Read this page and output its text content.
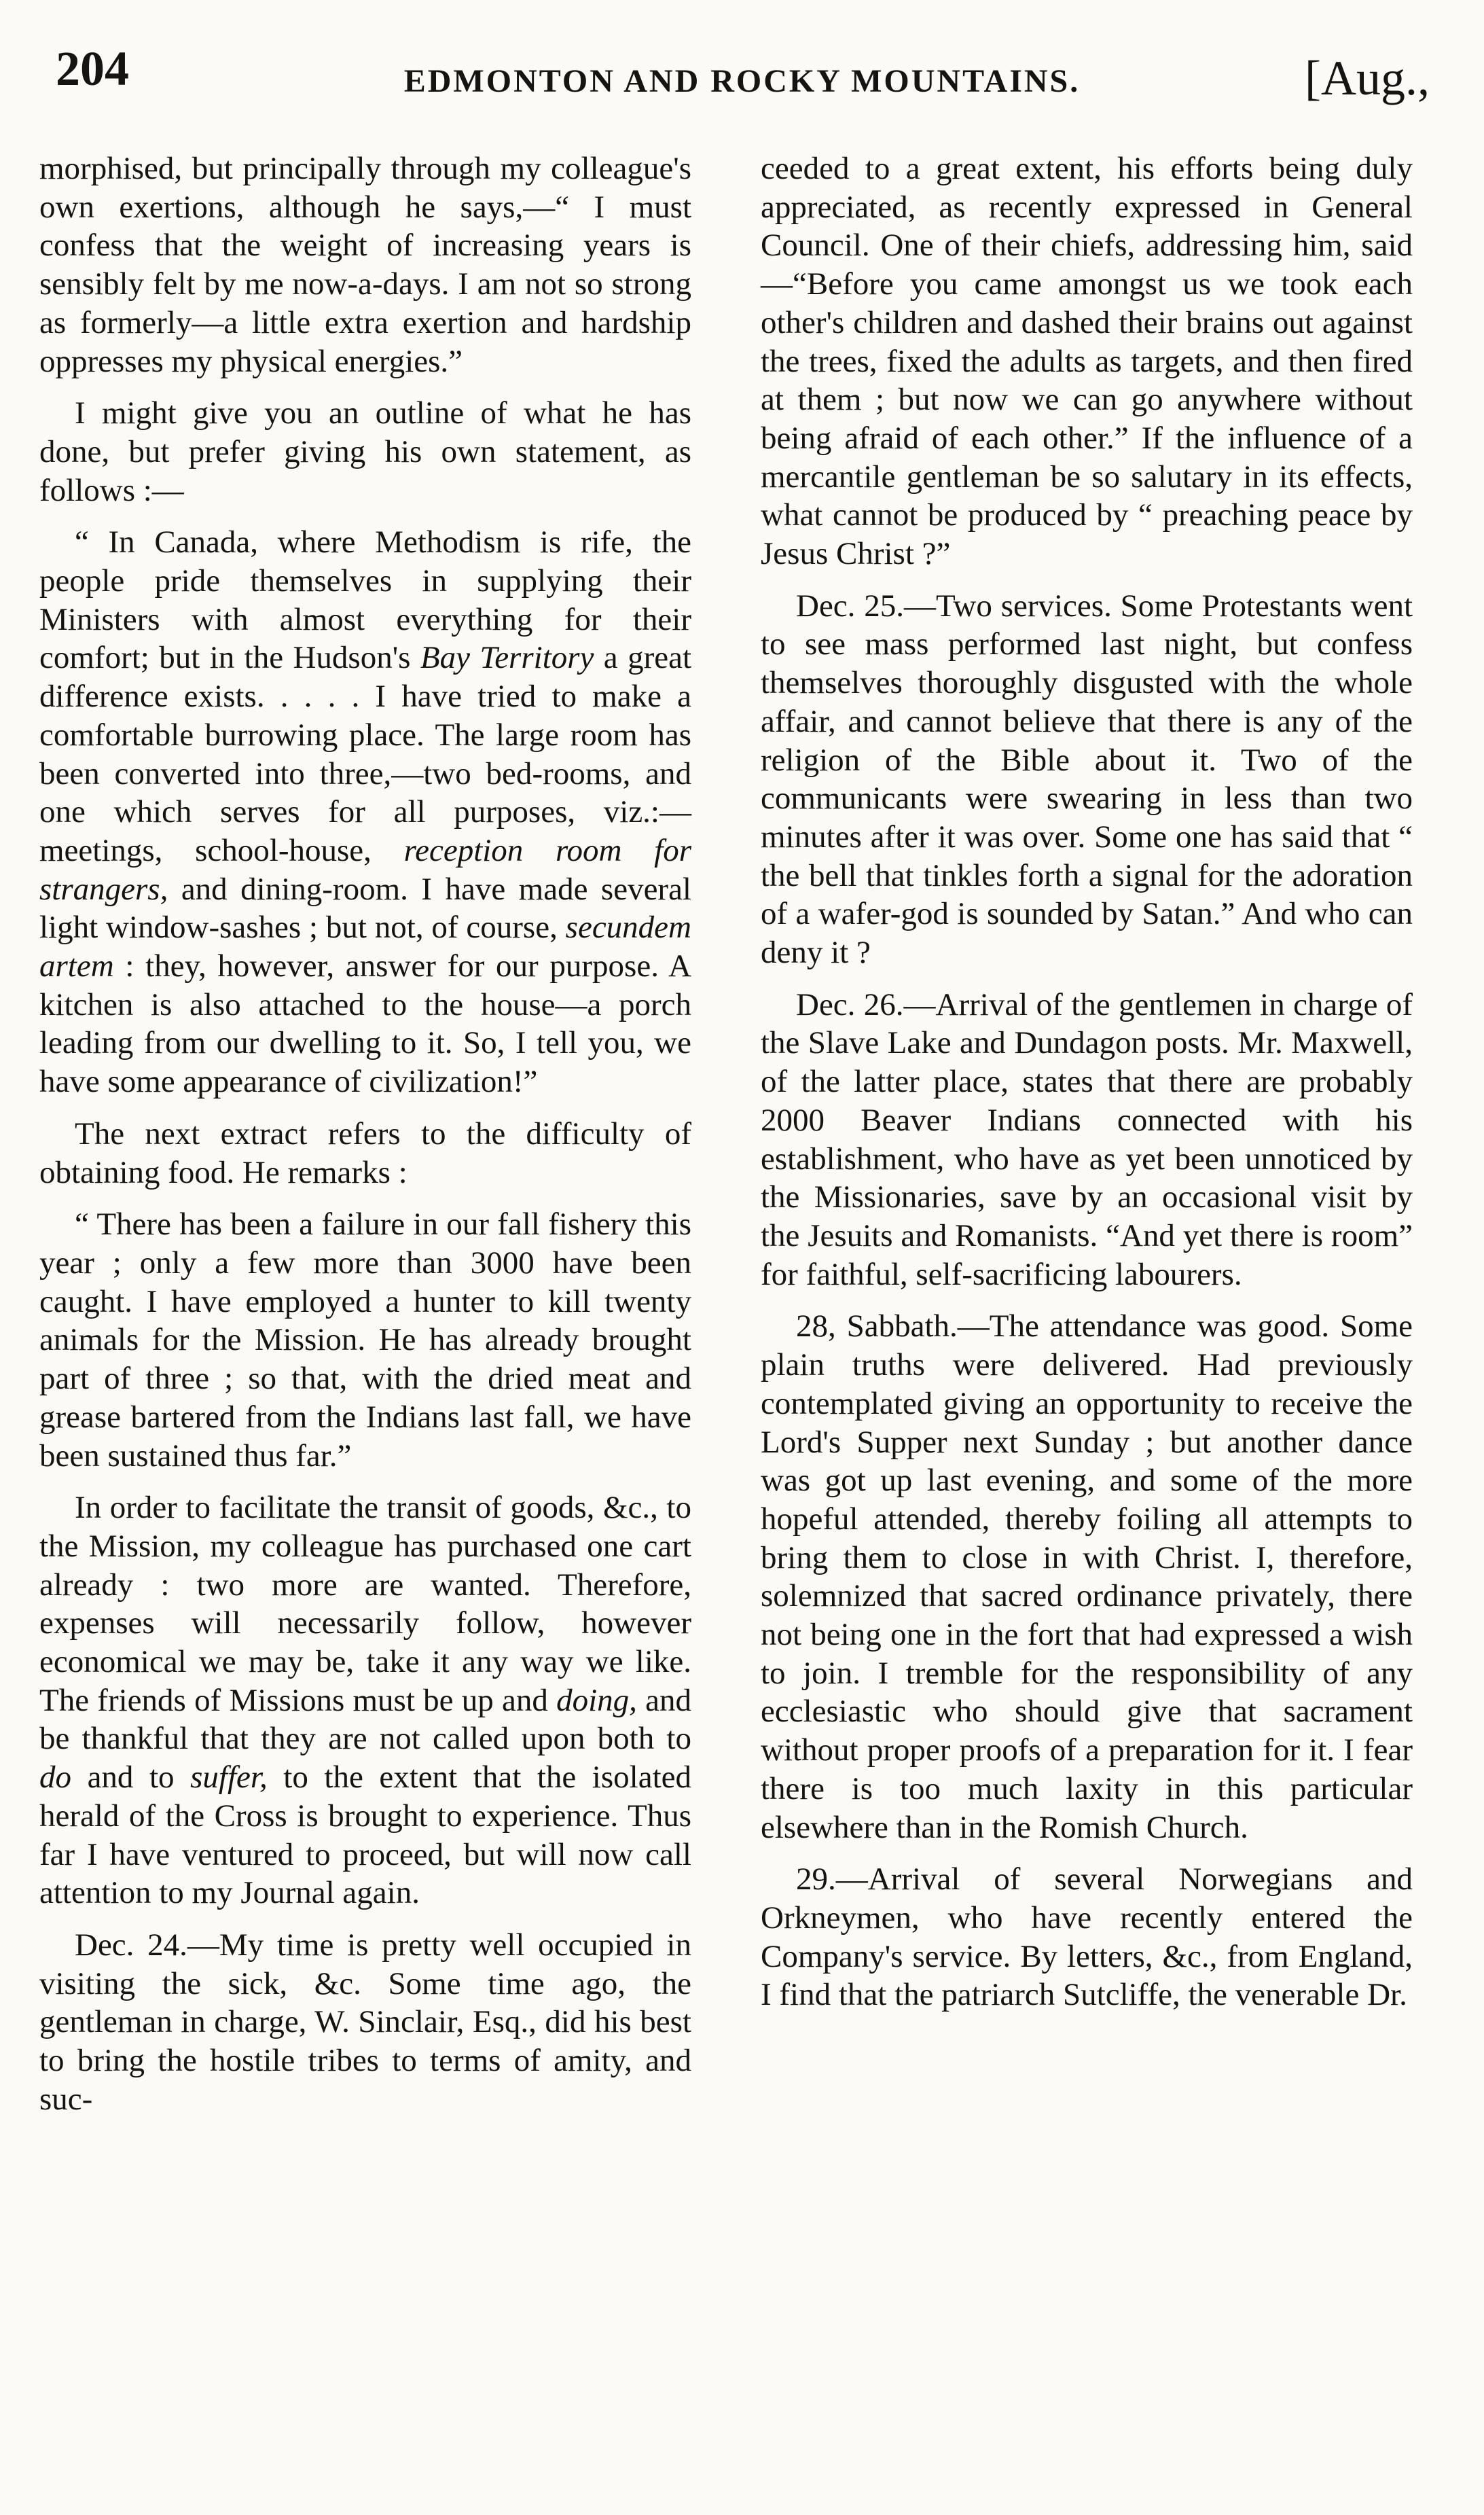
204	EDMONTON AND ROCKY MOUNTAINS.	[Aug.,

morphised, but principally through my colleague's own exertions, although he says,—“ I must confess that the weight of increasing years is sensibly felt by me now-a-days. I am not so strong as formerly—a little extra exertion and hardship oppresses my physical energies.”

I might give you an outline of what he has done, but prefer giving his own statement, as follows :—

“ In Canada, where Methodism is rife, the people pride themselves in supplying their Ministers with almost everything for their comfort; but in the Hudson's Bay Territory a great difference exists. . . . . I have tried to make a comfortable burrowing place. The large room has been converted into three,—two bed-rooms, and one which serves for all purposes, viz.:—meetings, school-house, reception room for strangers, and dining-room. I have made several light window-sashes ; but not, of course, secundem artem : they, however, answer for our purpose. A kitchen is also attached to the house—a porch leading from our dwelling to it. So, I tell you, we have some appearance of civilization!”

The next extract refers to the difficulty of obtaining food. He remarks :

“ There has been a failure in our fall fishery this year ; only a few more than 3000 have been caught. I have employed a hunter to kill twenty animals for the Mission. He has already brought part of three ; so that, with the dried meat and grease bartered from the Indians last fall, we have been sustained thus far.”

In order to facilitate the transit of goods, &c., to the Mission, my colleague has purchased one cart already : two more are wanted. Therefore, expenses will necessarily follow, however economical we may be, take it any way we like. The friends of Missions must be up and doing, and be thankful that they are not called upon both to do and to suffer, to the extent that the isolated herald of the Cross is brought to experience. Thus far I have ventured to proceed, but will now call attention to my Journal again.

Dec. 24.—My time is pretty well occupied in visiting the sick, &c. Some time ago, the gentleman in charge, W. Sinclair, Esq., did his best to bring the hostile tribes to terms of amity, and suc-

ceeded to a great extent, his efforts being duly appreciated, as recently expressed in General Council. One of their chiefs, addressing him, said—“Before you came amongst us we took each other's children and dashed their brains out against the trees, fixed the adults as targets, and then fired at them ; but now we can go anywhere without being afraid of each other.” If the influence of a mercantile gentleman be so salutary in its effects, what cannot be produced by “ preaching peace by Jesus Christ ?”

Dec. 25.—Two services. Some Protestants went to see mass performed last night, but confess themselves thoroughly disgusted with the whole affair, and cannot believe that there is any of the religion of the Bible about it. Two of the communicants were swearing in less than two minutes after it was over. Some one has said that “ the bell that tinkles forth a signal for the adoration of a wafer-god is sounded by Satan.” And who can deny it ?

Dec. 26.—Arrival of the gentlemen in charge of the Slave Lake and Dundagon posts. Mr. Maxwell, of the latter place, states that there are probably 2000 Beaver Indians connected with his establishment, who have as yet been unnoticed by the Missionaries, save by an occasional visit by the Jesuits and Romanists. “And yet there is room” for faithful, self-sacrificing labourers.

28, Sabbath.—The attendance was good. Some plain truths were delivered. Had previously contemplated giving an opportunity to receive the Lord's Supper next Sunday ; but another dance was got up last evening, and some of the more hopeful attended, thereby foiling all attempts to bring them to close in with Christ. I, therefore, solemnized that sacred ordinance privately, there not being one in the fort that had expressed a wish to join. I tremble for the responsibility of any ecclesiastic who should give that sacrament without proper proofs of a preparation for it. I fear there is too much laxity in this particular elsewhere than in the Romish Church.

29.—Arrival of several Norwegians and Orkneymen, who have recently entered the Company's service. By letters, &c., from England, I find that the patriarch Sutcliffe, the venerable Dr.
